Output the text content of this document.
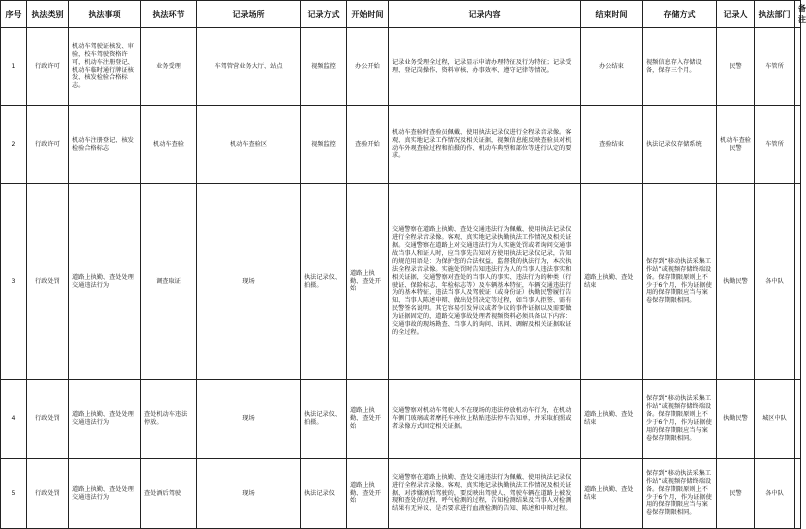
序号	执法类别	执法事项	执法环节	记录场所	记录方式	开始时间	记录内容	结束时间	存储方式	记录人	执法部门	备注
1	行政许可	机动车驾驶证核发、审验，校车驾驶资格许可，机动车注册登记、机动车临时通行牌证核发、核发检验合格标志。	业务受理	车驾管营业务大厅、站点	视频监控	办公开始	记录业务受理全过程，记录显示申请办理特征及行为特征；记录受理、登记岗操作、资料审核、办事效率、遵守记律等情况。	办公结束	视频信息存入存储设备，保存三个月。	民警	车管所	
2	行政许可	机动车注册登记、核发检验合格标志	机动车查验	机动车查验区	视频监控	查验开始	机动车查验时查验员佩戴、使用执法记录仪进行全程录音录像。客观、真实地记录工作情况及相关证据，视频信息能反映查验员对机动车外观查验过程和拍摄的作、机动车典型和部位等进行认定的要求。	查验结束	执法记录仪存储系统	机动车查验民警	车管所	
3	行政处罚	道路上执勤、查处处理交通违法行为	调查取证	现场	执法记录仪、拍摄。	道路上执勤、查处开始	交通警察在道路上执勤、查处交通违法行为佩戴、使用执法记录仪进行全程录音录像。客观、真实地记录执勤执法工作情况及相关证据。交通警察在道路上对交通违法行为人实施处罚或者询问交通事故当事人和证人时，应当事先告知对方使用执法记录仪记录，告知的规范用语是：为保护您的合法权益，监督我的执法行为，本次执法全程录音录像。实施处罚时告知违法行为人的当事人违法事实和相关证据，交通警察对查处的当事人的事实、违法行为的种类（行驶证、保险标志、年检标志等）及车辆基本特征，车辆交通违法行为的基本特征，违法当事人及驾驶证（或身份证）执勤民警履行告知、当事人陈述申辩、做出处罚决定等过程，如当事人拒签、需有民警签名说明。其它容易引发异议或者争议的事件证据以及需要做为证据固定的，道路交通事故处理者视频资料必须具备以下内容：交通事故的现场勘查、当事人的询问、讯问、调解及相关证据取证的全过程。	道路上执勤、查处结束	保存到“移动执法采集工作站”或视频存储终端设备。保存期限原则上不少于6个月，作为证据使用的保存期限应当与案卷保存期限相同。	执勤民警	各中队	
4	行政处罚	道路上执勤、查处处理交通违法行为	查处机动车违法停放。	现场	执法记录仪、拍摄。	道路上执勤、查处开始	交通警察对机动车驾驶人不在现场的违法停放机动车行为，在机动车侧门玻璃或者摩托车座位上粘贴违法停车告知单，并采取拍照或者录像方式固定相关证据。	道路上执勤、查处结束	保存到“移动执法采集工作站”或视频存储终端设备。保存期限原则上不少于6个月，作为证据使用的保存期限应当与案卷保存期限相同。	执勤民警	城区中队	
5	行政处罚	道路上执勤、查处处理交通违法行为	查处酒后驾驶	现场	执法记录仪	道路上执勤、查处开始	交通警察在道路上执勤、查处交通违法行为佩戴、使用执法记录仪进行全程录音录像。客观、真实地记录执勤执法工作情况及相关证据，对涉嫌酒后驾驶的，要反映出驾驶人、驾驶车辆在道路上被发现和查处的过程、呼气检测的过程，告知检测结果及当事人对检测结果有无异议、是否要求进行血液检测的告知、陈述和申辩过程。	道路上执勤、查处结束	保存到“移动执法采集工作站”或视频存储终端设备。保存期限原则上不少于6个月，作为证据使用的保存期限应当与案卷保存期限相同。	民警	各中队	
